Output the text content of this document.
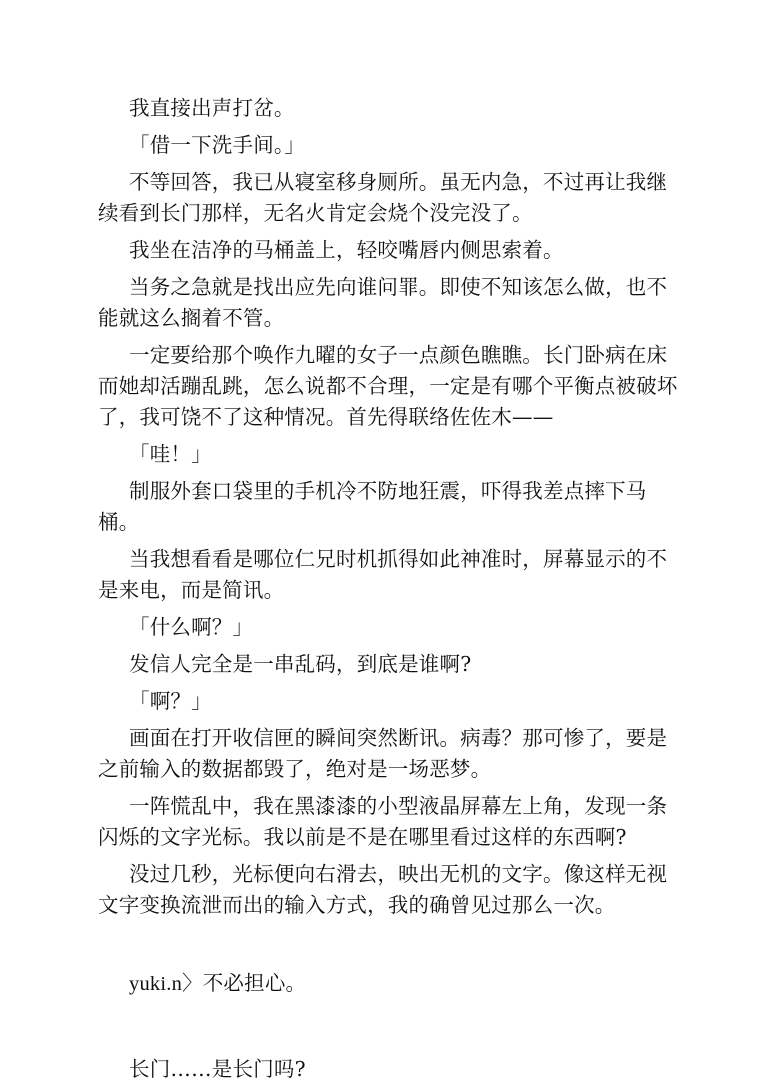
我直接出声打岔。

「借一下洗手间。」

不等回答，我已从寝室移身厕所。虽无内急，不过再让我继续看到长门那样，无名火肯定会烧个没完没了。

我坐在洁净的马桶盖上，轻咬嘴唇内侧思索着。

当务之急就是找出应先向谁问罪。即使不知该怎么做，也不能就这么搁着不管。

一定要给那个唤作九曜的女子一点颜色瞧瞧。长门卧病在床而她却活蹦乱跳，怎么说都不合理，一定是有哪个平衡点被破坏了，我可饶不了这种情况。首先得联络佐佐木——

「哇！」

制服外套口袋里的手机冷不防地狂震，吓得我差点摔下马桶。

当我想看看是哪位仁兄时机抓得如此神准时，屏幕显示的不是来电，而是简讯。

「什么啊？」

发信人完全是一串乱码，到底是谁啊?

「啊？」

画面在打开收信匣的瞬间突然断讯。病毒？那可惨了，要是之前输入的数据都毁了，绝对是一场恶梦。

一阵慌乱中，我在黑漆漆的小型液晶屏幕左上角，发现一条闪烁的文字光标。我以前是不是在哪里看过这样的东西啊?

没过几秒，光标便向右滑去，映出无机的文字。像这样无视文字变换流泄而出的输入方式，我的确曾见过那么一次。

yuki.n〉不必担心。

长门……是长门吗?
